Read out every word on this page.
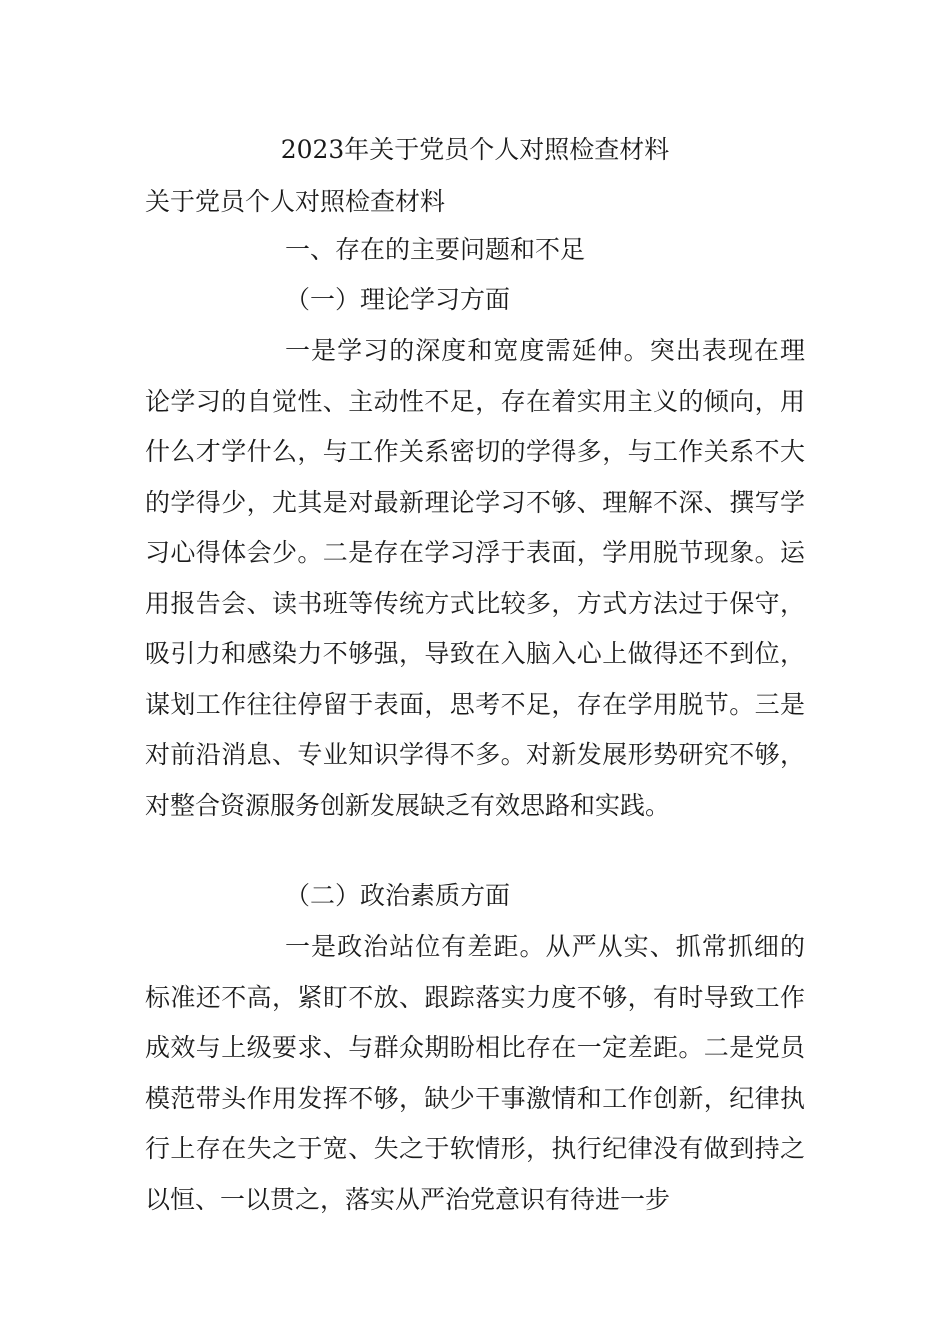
2023年关于党员个人对照检查材料
关于党员个人对照检查材料
一、存在的主要问题和不足
（一）理论学习方面

一是学习的深度和宽度需延伸。突出表现在理论学习的自觉性、主动性不足，存在着实用主义的倾向，用什么才学什么，与工作关系密切的学得多，与工作关系不大的学得少，尤其是对最新理论学习不够、理解不深、撰写学习心得体会少。二是存在学习浮于表面，学用脱节现象。运用报告会、读书班等传统方式比较多，方式方法过于保守，吸引力和感染力不够强，导致在入脑入心上做得还不到位，谋划工作往往停留于表面，思考不足，存在学用脱节。三是对前沿消息、专业知识学得不多。对新发展形势研究不够，对整合资源服务创新发展缺乏有效思路和实践。

（二）政治素质方面

一是政治站位有差距。从严从实、抓常抓细的标准还不高，紧盯不放、跟踪落实力度不够，有时导致工作成效与上级要求、与群众期盼相比存在一定差距。二是党员模范带头作用发挥不够，缺少干事激情和工作创新，纪律执行上存在失之于宽、失之于软情形，执行纪律没有做到持之以恒、一以贯之，落实从严治党意识有待进一步
